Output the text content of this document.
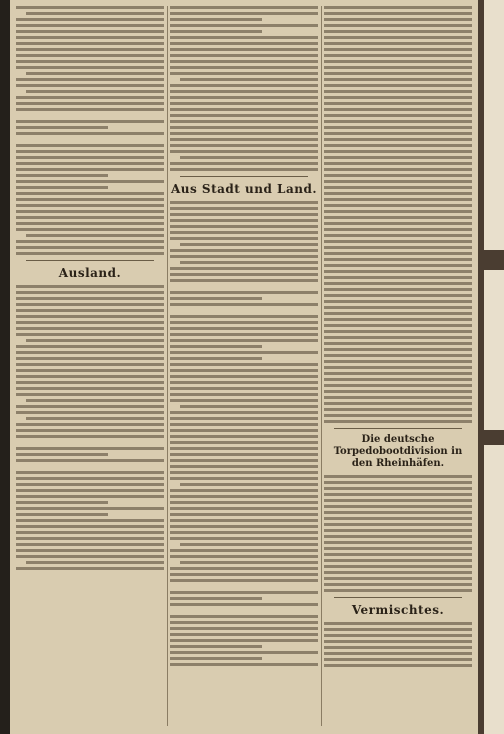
Ausland.
Aus Stadt und Land.
Die deutsche Torpedobootdivision in den Rheinhäfen.
Vermischtes.
